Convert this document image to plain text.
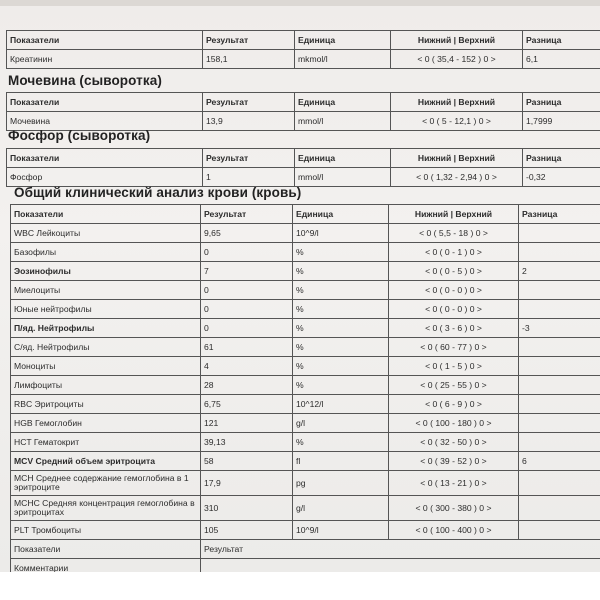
Показатели	Результат	Единица	Нижний | Верхний	Разница
Креатинин	158,1	mkmol/l	< 0 ( 35,4 - 152 ) 0 >	6,1
Мочевина (сыворотка)
Показатели	Результат	Единица	Нижний | Верхний	Разница
Мочевина	13,9	mmol/l	< 0 ( 5 - 12,1 ) 0 >	1,7999
Фосфор (сыворотка)
Показатели	Результат	Единица	Нижний | Верхний	Разница
Фосфор	1	mmol/l	< 0 ( 1,32 - 2,94 ) 0 >	-0,32
Общий клинический анализ крови (кровь)
Показатели	Результат	Единица	Нижний | Верхний	Разница
WBC Лейкоциты	9,65	10^9/l	< 0 ( 5,5 - 18 ) 0 >	
Базофилы	0	%	< 0 ( 0 - 1 ) 0 >	
Эозинофилы	7	%	< 0 ( 0 - 5 ) 0 >	2
Миелоциты	0	%	< 0 ( 0 - 0 ) 0 >	
Юные нейтрофилы	0	%	< 0 ( 0 - 0 ) 0 >	
П/яд. Нейтрофилы	0	%	< 0 ( 3 - 6 ) 0 >	-3
С/яд. Нейтрофилы	61	%	< 0 ( 60 - 77 ) 0 >	
Моноциты	4	%	< 0 ( 1 - 5 ) 0 >	
Лимфоциты	28	%	< 0 ( 25 - 55 ) 0 >	
RBC Эритроциты	6,75	10^12/l	< 0 ( 6 - 9 ) 0 >	
HGB Гемоглобин	121	g/l	< 0 ( 100 - 180 ) 0 >	
HCT Гематокрит	39,13	%	< 0 ( 32 - 50 ) 0 >	
MCV Средний объем эритроцита	58	fl	< 0 ( 39 - 52 ) 0 >	6
MCH Среднее содержание гемоглобина в 1 эритроците	17,9	pg	< 0 ( 13 - 21 ) 0 >	
MCHC Средняя концентрация гемоглобина в эритроцитах	310	g/l	< 0 ( 300 - 380 ) 0 >	
PLT Тромбоциты	105	10^9/l	< 0 ( 100 - 400 ) 0 >	
Показатели	Результат			
Комментарии				
